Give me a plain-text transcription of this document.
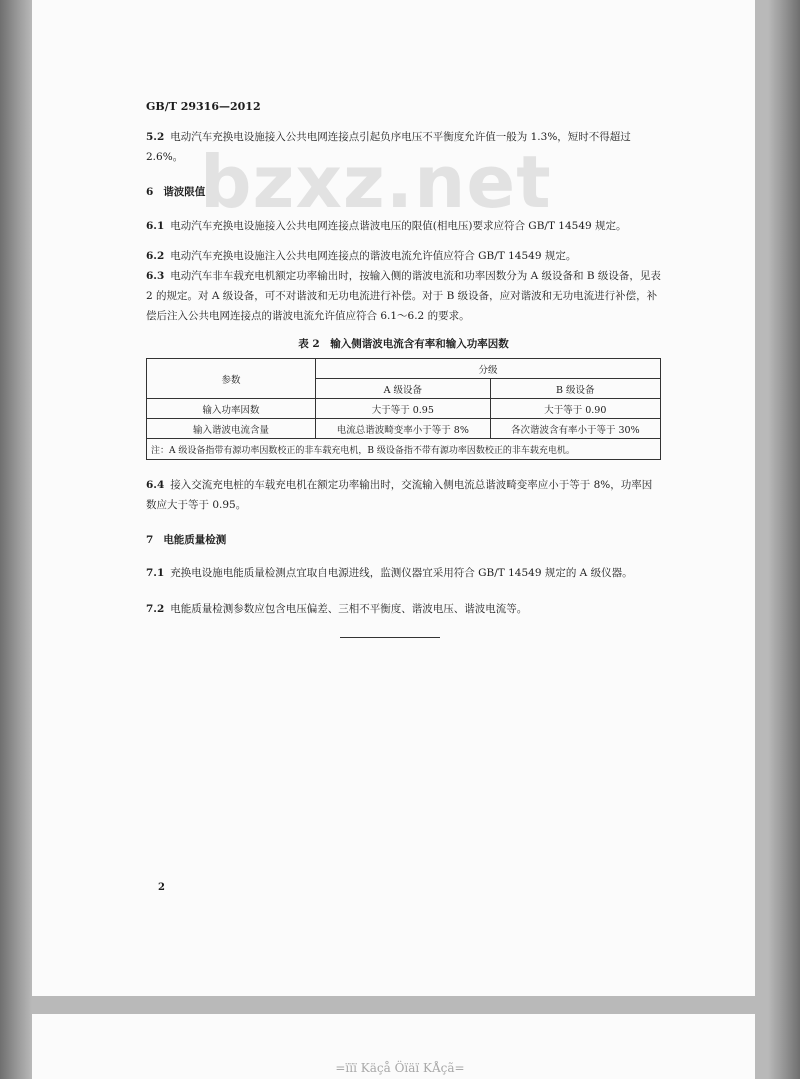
bzxz.net
GB/T 29316—2012
5.2 电动汽车充换电设施接入公共电网连接点引起负序电压不平衡度允许值一般为 1.3%，短时不得超过 2.6%。
6 谐波限值
6.1 电动汽车充换电设施接入公共电网连接点谐波电压的限值(相电压)要求应符合 GB/T 14549 规定。
6.2 电动汽车充换电设施注入公共电网连接点的谐波电流允许值应符合 GB/T 14549 规定。
6.3 电动汽车非车载充电机额定功率输出时，按输入侧的谐波电流和功率因数分为 A 级设备和 B 级设备，见表 2 的规定。对 A 级设备，可不对谐波和无功电流进行补偿。对于 B 级设备，应对谐波和无功电流进行补偿，补偿后注入公共电网连接点的谐波电流允许值应符合 6.1～6.2 的要求。
表 2　输入侧谐波电流含有率和输入功率因数
参数	分级	
	A 级设备	B 级设备
输入功率因数	大于等于 0.95	大于等于 0.90
输入谐波电流含量	电流总谐波畸变率小于等于 8%	各次谐波含有率小于等于 30%
注：A 级设备指带有源功率因数校正的非车载充电机，B 级设备指不带有源功率因数校正的非车载充电机。		
6.4 接入交流充电桩的车载充电机在额定功率输出时，交流输入侧电流总谐波畸变率应小于等于 8%，功率因数应大于等于 0.95。
7 电能质量检测
7.1 充换电设施电能质量检测点宜取自电源进线，监测仪器宜采用符合 GB/T 14549 规定的 A 级仪器。
7.2 电能质量检测参数应包含电压偏差、三相不平衡度、谐波电压、谐波电流等。
2
=ïïï Käçå Öïäï KÅçã=
